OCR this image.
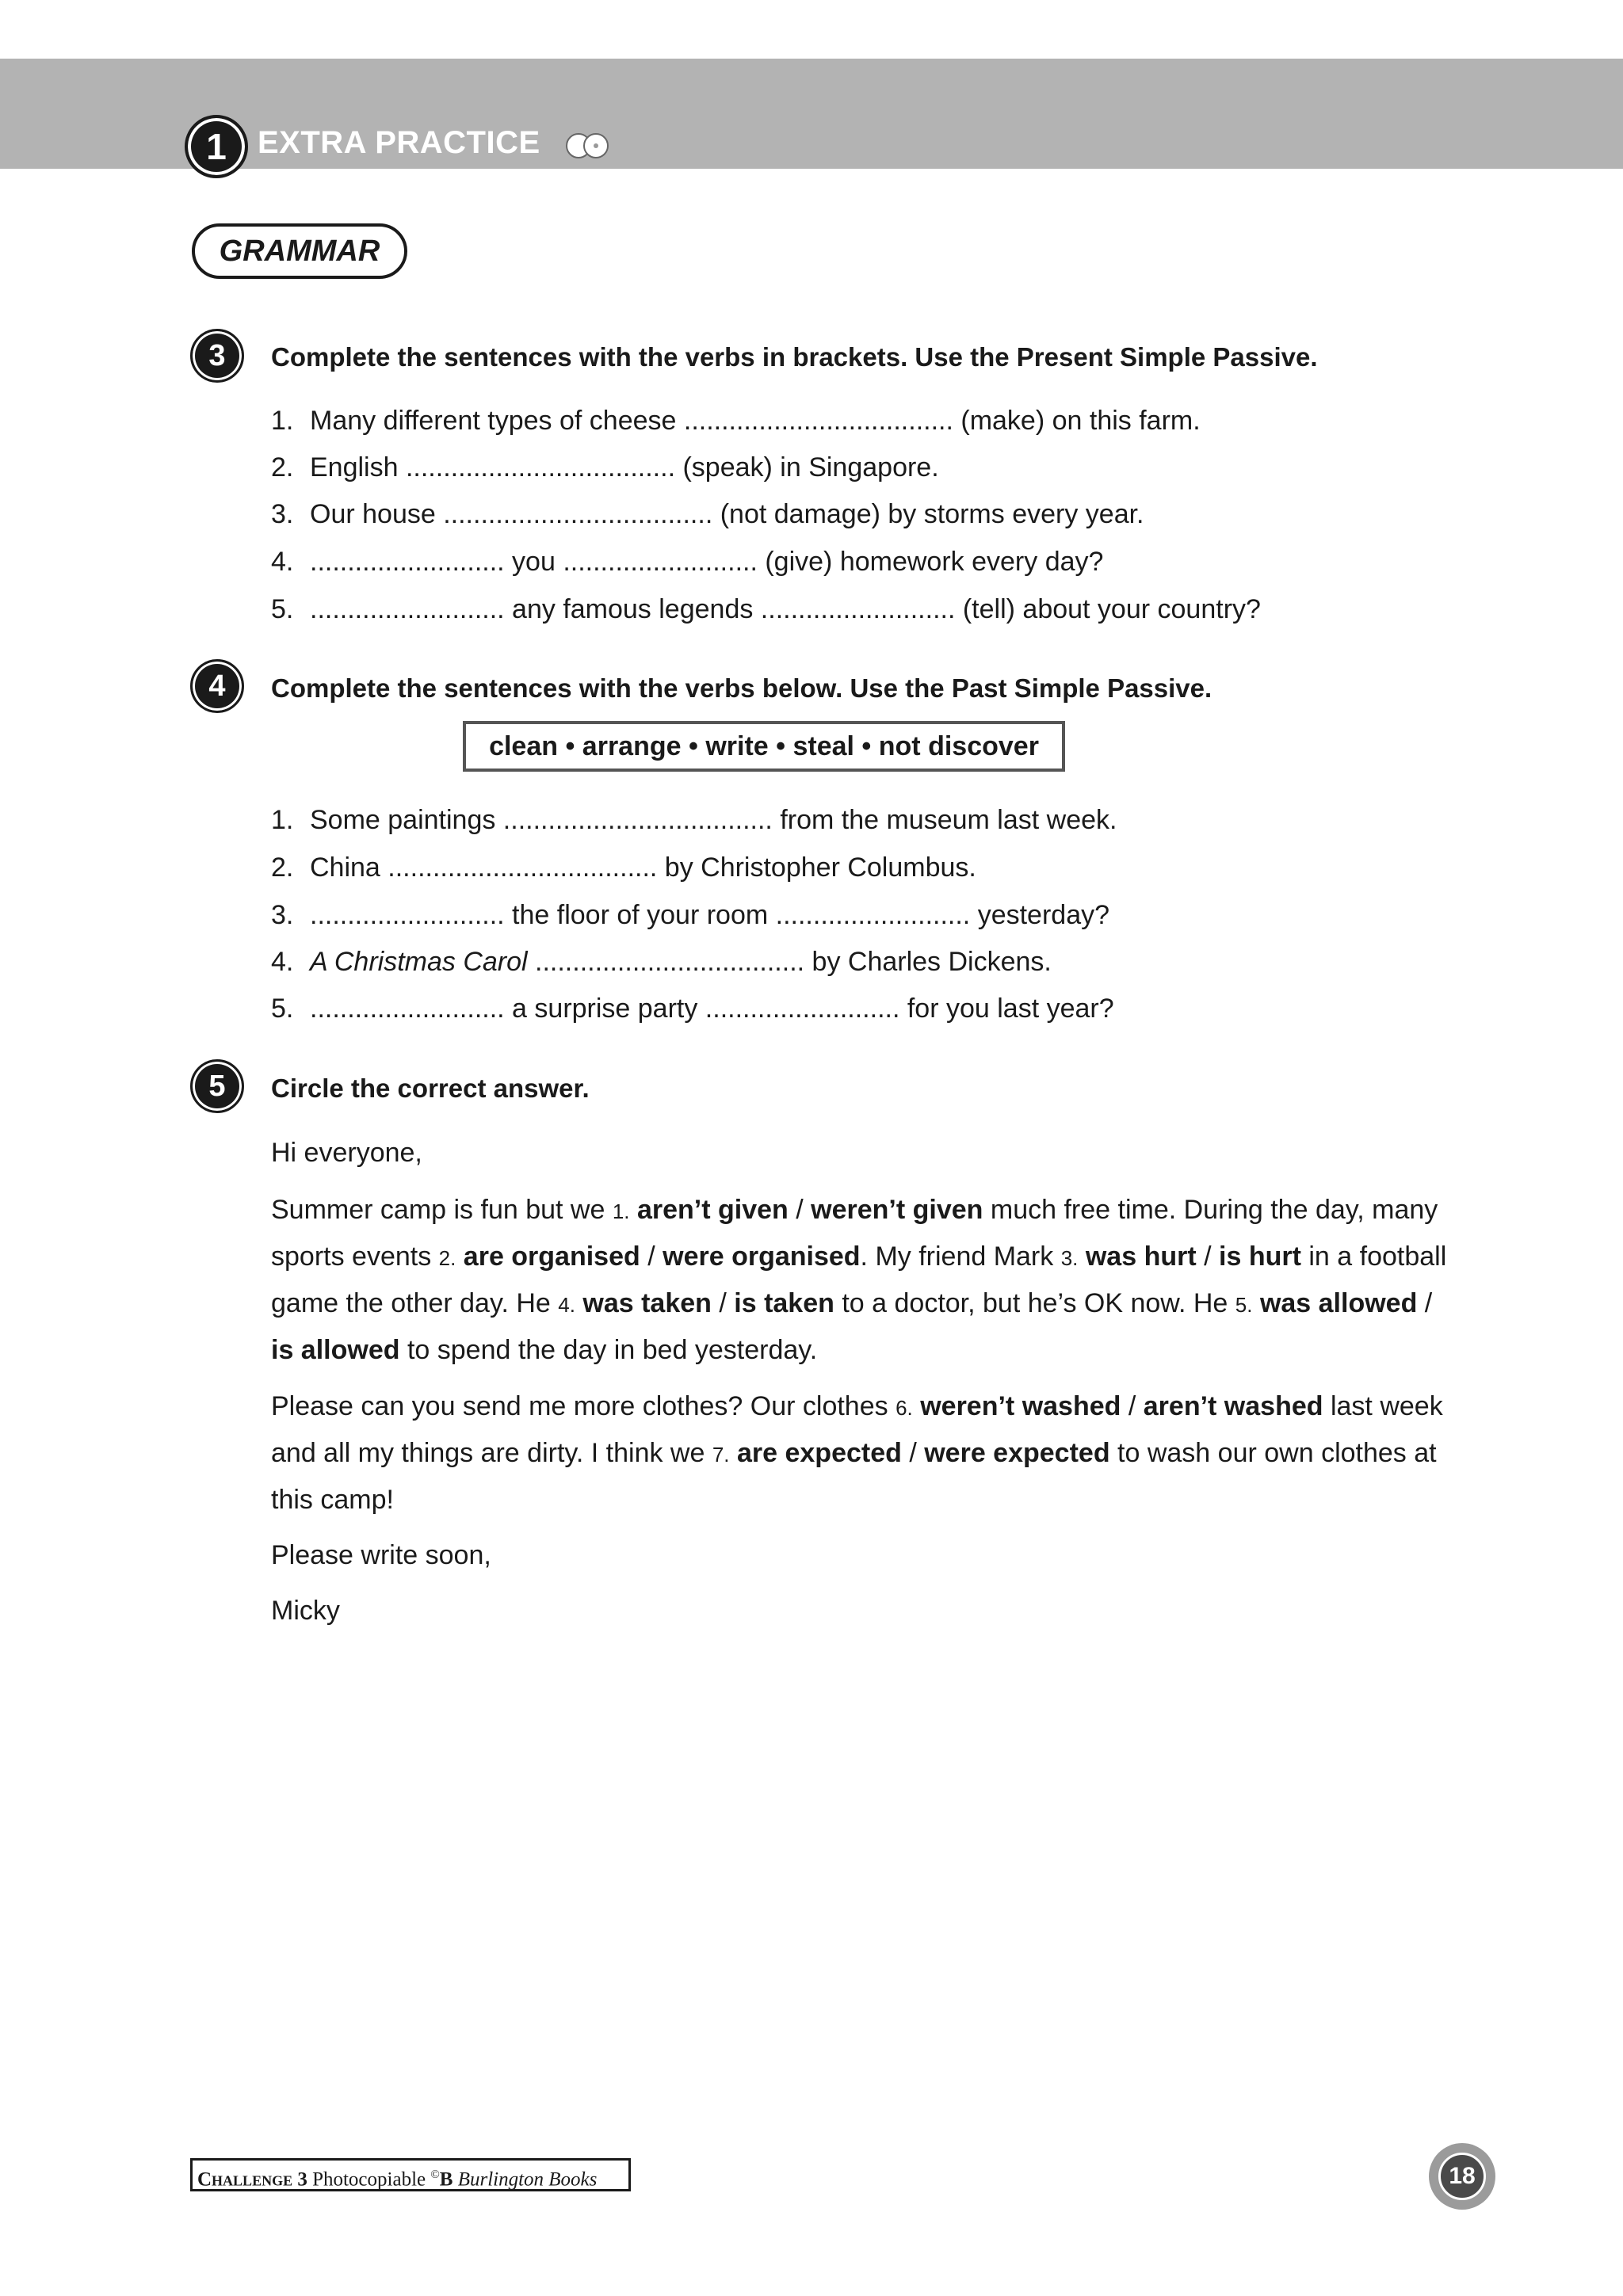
1 EXTRA PRACTICE
GRAMMAR
3	Complete the sentences with the verbs in brackets. Use the Present Simple Passive.
1. Many different types of cheese .................................... (make) on this farm.
2. English .................................... (speak) in Singapore.
3. Our house .................................... (not damage) by storms every year.
4. .......................... you .......................... (give) homework every day?
5. .......................... any famous legends .......................... (tell) about your country?
4	Complete the sentences with the verbs below. Use the Past Simple Passive.
clean • arrange • write • steal • not discover
1. Some paintings .................................... from the museum last week.
2. China .................................... by Christopher Columbus.
3. .......................... the floor of your room .......................... yesterday?
4. A Christmas Carol .................................... by Charles Dickens.
5. .......................... a surprise party .......................... for you last year?
5	Circle the correct answer.
Hi everyone,
Summer camp is fun but we 1. aren’t given / weren’t given much free time. During the day, many
sports events 2. are organised / were organised. My friend Mark 3. was hurt / is hurt in a football
game the other day. He 4. was taken / is taken to a doctor, but he’s OK now. He 5. was allowed /
is allowed to spend the day in bed yesterday.
Please can you send me more clothes? Our clothes 6. weren’t washed / aren’t washed last week
and all my things are dirty. I think we 7. are expected / were expected to wash our own clothes at
this camp!
Please write soon,
Micky
Challenge 3 Photocopiable ©B Burlington Books	18
